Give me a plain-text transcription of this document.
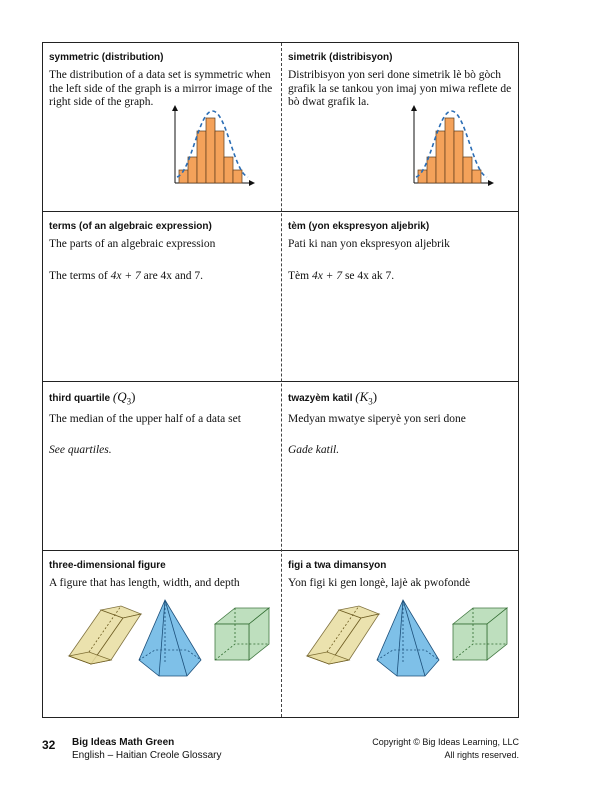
symmetric (distribution)
The distribution of a data set is symmetric when the left side of the graph is a mirror image of the right side of the graph.
simetrik (distribisyon)
Distribisyon yon seri done simetrik lè bò gòch grafik la se tankou yon imaj yon miwa reflete de bò dwat grafik la.
terms (of an algebraic expression)
The parts of an algebraic expression
The terms of 4x + 7 are 4x and 7.
tèm (yon ekspresyon aljebrik)
Pati ki nan yon ekspresyon aljebrik
Tèm 4x + 7 se 4x ak 7.
third quartile $(Q_3)$
The median of the upper half of a data set
See quartiles.
twazyèm katil $(K_3)$
Medyan mwatye siperyè yon seri done
Gade katil.
three-dimensional figure
A figure that has length, width, and depth
figi a twa dimansyon
Yon figi ki gen longè, lajè ak pwofondè
32 Big Ideas Math Green
English – Haitian Creole Glossary
Copyright © Big Ideas Learning, LLC
All rights reserved.
